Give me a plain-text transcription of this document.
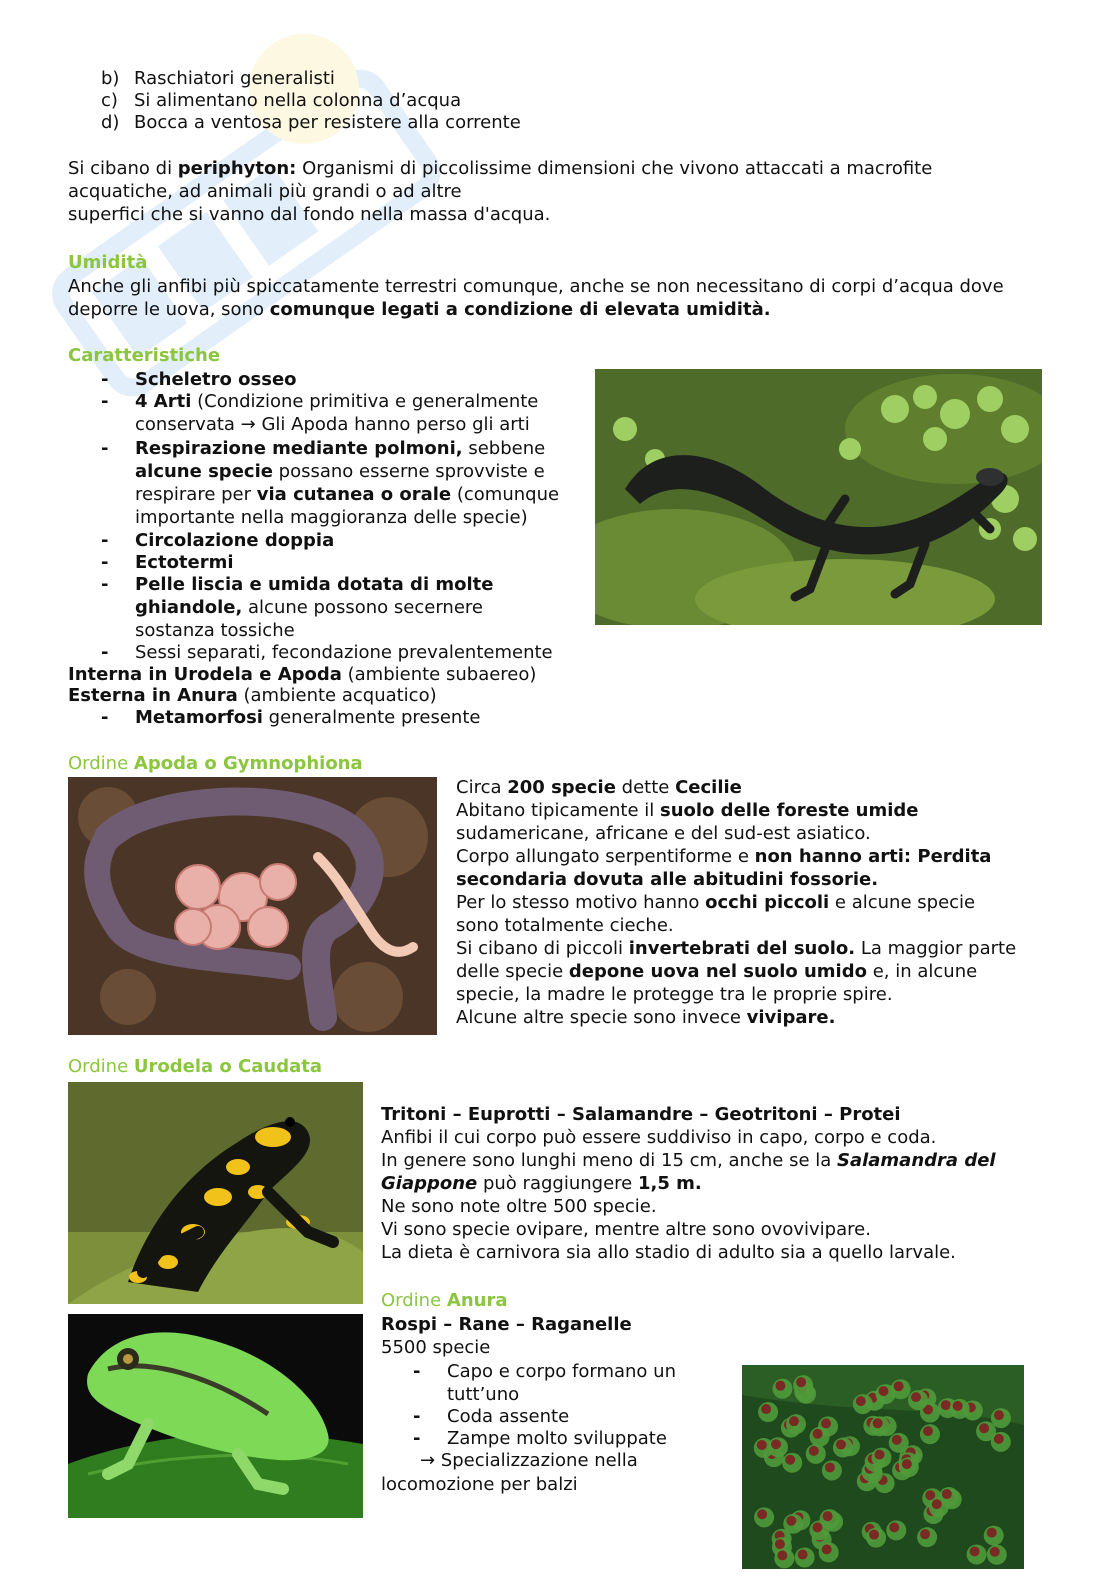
b) Raschiatori generalisti
c) Si alimentano nella colonna d’acqua
d) Bocca a ventosa per resistere alla corrente
Si cibano di periphyton: Organismi di piccolissime dimensioni che vivono attaccati a macrofite
acquatiche, ad animali più grandi o ad altre
superfici che si vanno dal fondo nella massa d'acqua.
Umidità
Anche gli anfibi più spiccatamente terrestri comunque, anche se non necessitano di corpi d’acqua dove
deporre le uova, sono comunque legati a condizione di elevata umidità.
Caratteristiche
- Scheletro osseo
- 4 Arti (Condizione primitiva e generalmente
conservata → Gli Apoda hanno perso gli arti
- Respirazione mediante polmoni, sebbene
alcune specie possano esserne sprovviste e
respirare per via cutanea o orale (comunque
importante nella maggioranza delle specie)
- Circolazione doppia
- Ectotermi
- Pelle liscia e umida dotata di molte
ghiandole, alcune possono secernere
sostanza tossiche
- Sessi separati, fecondazione prevalentemente
Interna in Urodela e Apoda (ambiente subaereo)
Esterna in Anura (ambiente acquatico)
- Metamorfosi generalmente presente
Ordine Apoda o Gymnophiona
Circa 200 specie dette Cecilie
Abitano tipicamente il suolo delle foreste umide
sudamericane, africane e del sud-est asiatico.
Corpo allungato serpentiforme e non hanno arti: Perdita
secondaria dovuta alle abitudini fossorie.
Per lo stesso motivo hanno occhi piccoli e alcune specie
sono totalmente cieche.
Si cibano di piccoli invertebrati del suolo. La maggior parte
delle specie depone uova nel suolo umido e, in alcune
specie, la madre le protegge tra le proprie spire.
Alcune altre specie sono invece vivipare.
Ordine Urodela o Caudata
Tritoni – Euprotti – Salamandre – Geotritoni – Protei
Anfibi il cui corpo può essere suddiviso in capo, corpo e coda.
In genere sono lunghi meno di 15 cm, anche se la Salamandra del
Giappone può raggiungere 1,5 m.
Ne sono note oltre 500 specie.
Vi sono specie ovipare, mentre altre sono ovovivipare.
La dieta è carnivora sia allo stadio di adulto sia a quello larvale.
Ordine Anura
Rospi – Rane – Raganelle
5500 specie
- Capo e corpo formano un
tutt’uno
- Coda assente
- Zampe molto sviluppate
→ Specializzazione nella
locomozione per balzi
